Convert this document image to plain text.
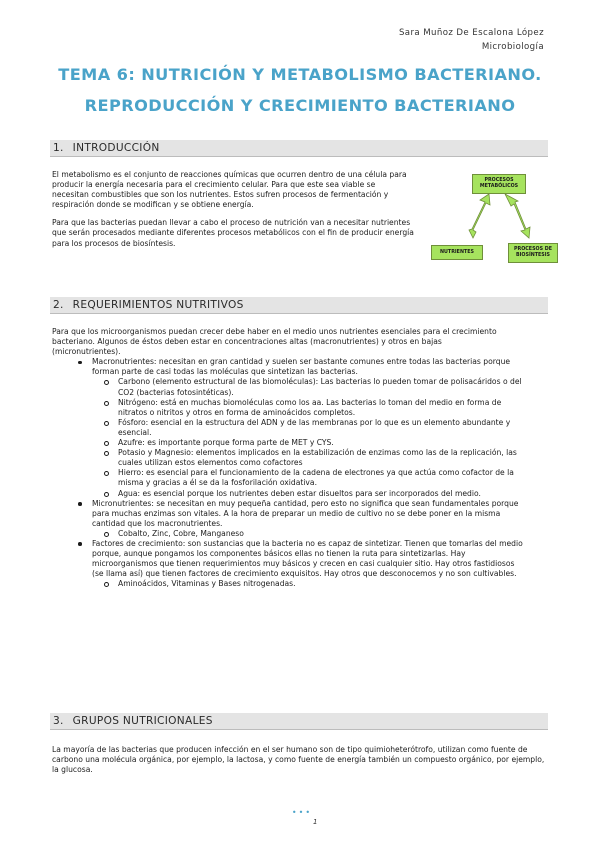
Sara Muñoz De Escalona López
Microbiología
TEMA 6: NUTRICIÓN Y METABOLISMO BACTERIANO.
REPRODUCCIÓN Y CRECIMIENTO BACTERIANO
1. INTRODUCCIÓN

El metabolismo es el conjunto de reacciones químicas que ocurren dentro de una célula para producir la energía necesaria para el crecimiento celular. Para que este sea viable se necesitan combustibles que son los nutrientes. Estos sufren procesos de fermentación y respiración donde se modifican y se obtiene energía.

Para que las bacterias puedan llevar a cabo el proceso de nutrición van a necesitar nutrientes que serán procesados mediante diferentes procesos metabólicos con el fin de producir energía para los procesos de biosíntesis.

PROCESOS METABÓLICOS
NUTRIENTES	PROCESOS DE BIOSÍNTESIS
2. REQUERIMIENTOS NUTRITIVOS

Para que los microorganismos puedan crecer debe haber en el medio unos nutrientes esenciales para el crecimiento bacteriano. Algunos de éstos deben estar en concentraciones altas (macronutrientes) y otros en bajas (micronutrientes).

Macronutrientes: necesitan en gran cantidad y suelen ser bastante comunes entre todas las bacterias porque forman parte de casi todas las moléculas que sintetizan las bacterias.
Carbono (elemento estructural de las biomoléculas): Las bacterias lo pueden tomar de polisacáridos o del CO2 (bacterias fotosintéticas).
Nitrógeno: está en muchas biomoléculas como los aa. Las bacterias lo toman del medio en forma de nitratos o nitritos y otros en forma de aminoácidos completos.
Fósforo: esencial en la estructura del ADN y de las membranas por lo que es un elemento abundante y esencial.
Azufre: es importante porque forma parte de MET y CYS.
Potasio y Magnesio: elementos implicados en la estabilización de enzimas como las de la replicación, las cuales utilizan estos elementos como cofactores
Hierro: es esencial para el funcionamiento de la cadena de electrones ya que actúa como cofactor de la misma y gracias a él se da la fosforilación oxidativa.
Agua: es esencial porque los nutrientes deben estar disueltos para ser incorporados del medio.
Micronutrientes: se necesitan en muy pequeña cantidad, pero esto no significa que sean fundamentales porque para muchas enzimas son vitales. A la hora de preparar un medio de cultivo no se debe poner en la misma cantidad que los macronutrientes.
Cobalto, Zinc, Cobre, Manganeso
Factores de crecimiento: son sustancias que la bacteria no es capaz de sintetizar. Tienen que tomarlas del medio porque, aunque pongamos los componentes básicos ellas no tienen la ruta para sintetizarlas. Hay microorganismos que tienen requerimientos muy básicos y crecen en casi cualquier sitio. Hay otros fastidiosos (se llama así) que tienen factores de crecimiento exquisitos. Hay otros que desconocemos y no son cultivables.
Aminoácidos, Vitaminas y Bases nitrogenadas.
3. GRUPOS NUTRICIONALES

La mayoría de las bacterias que producen infección en el ser humano son de tipo quimioheterótrofo, utilizan como fuente de carbono una molécula orgánica, por ejemplo, la lactosa, y como fuente de energía también un compuesto orgánico, por ejemplo, la glucosa.

•••
1
